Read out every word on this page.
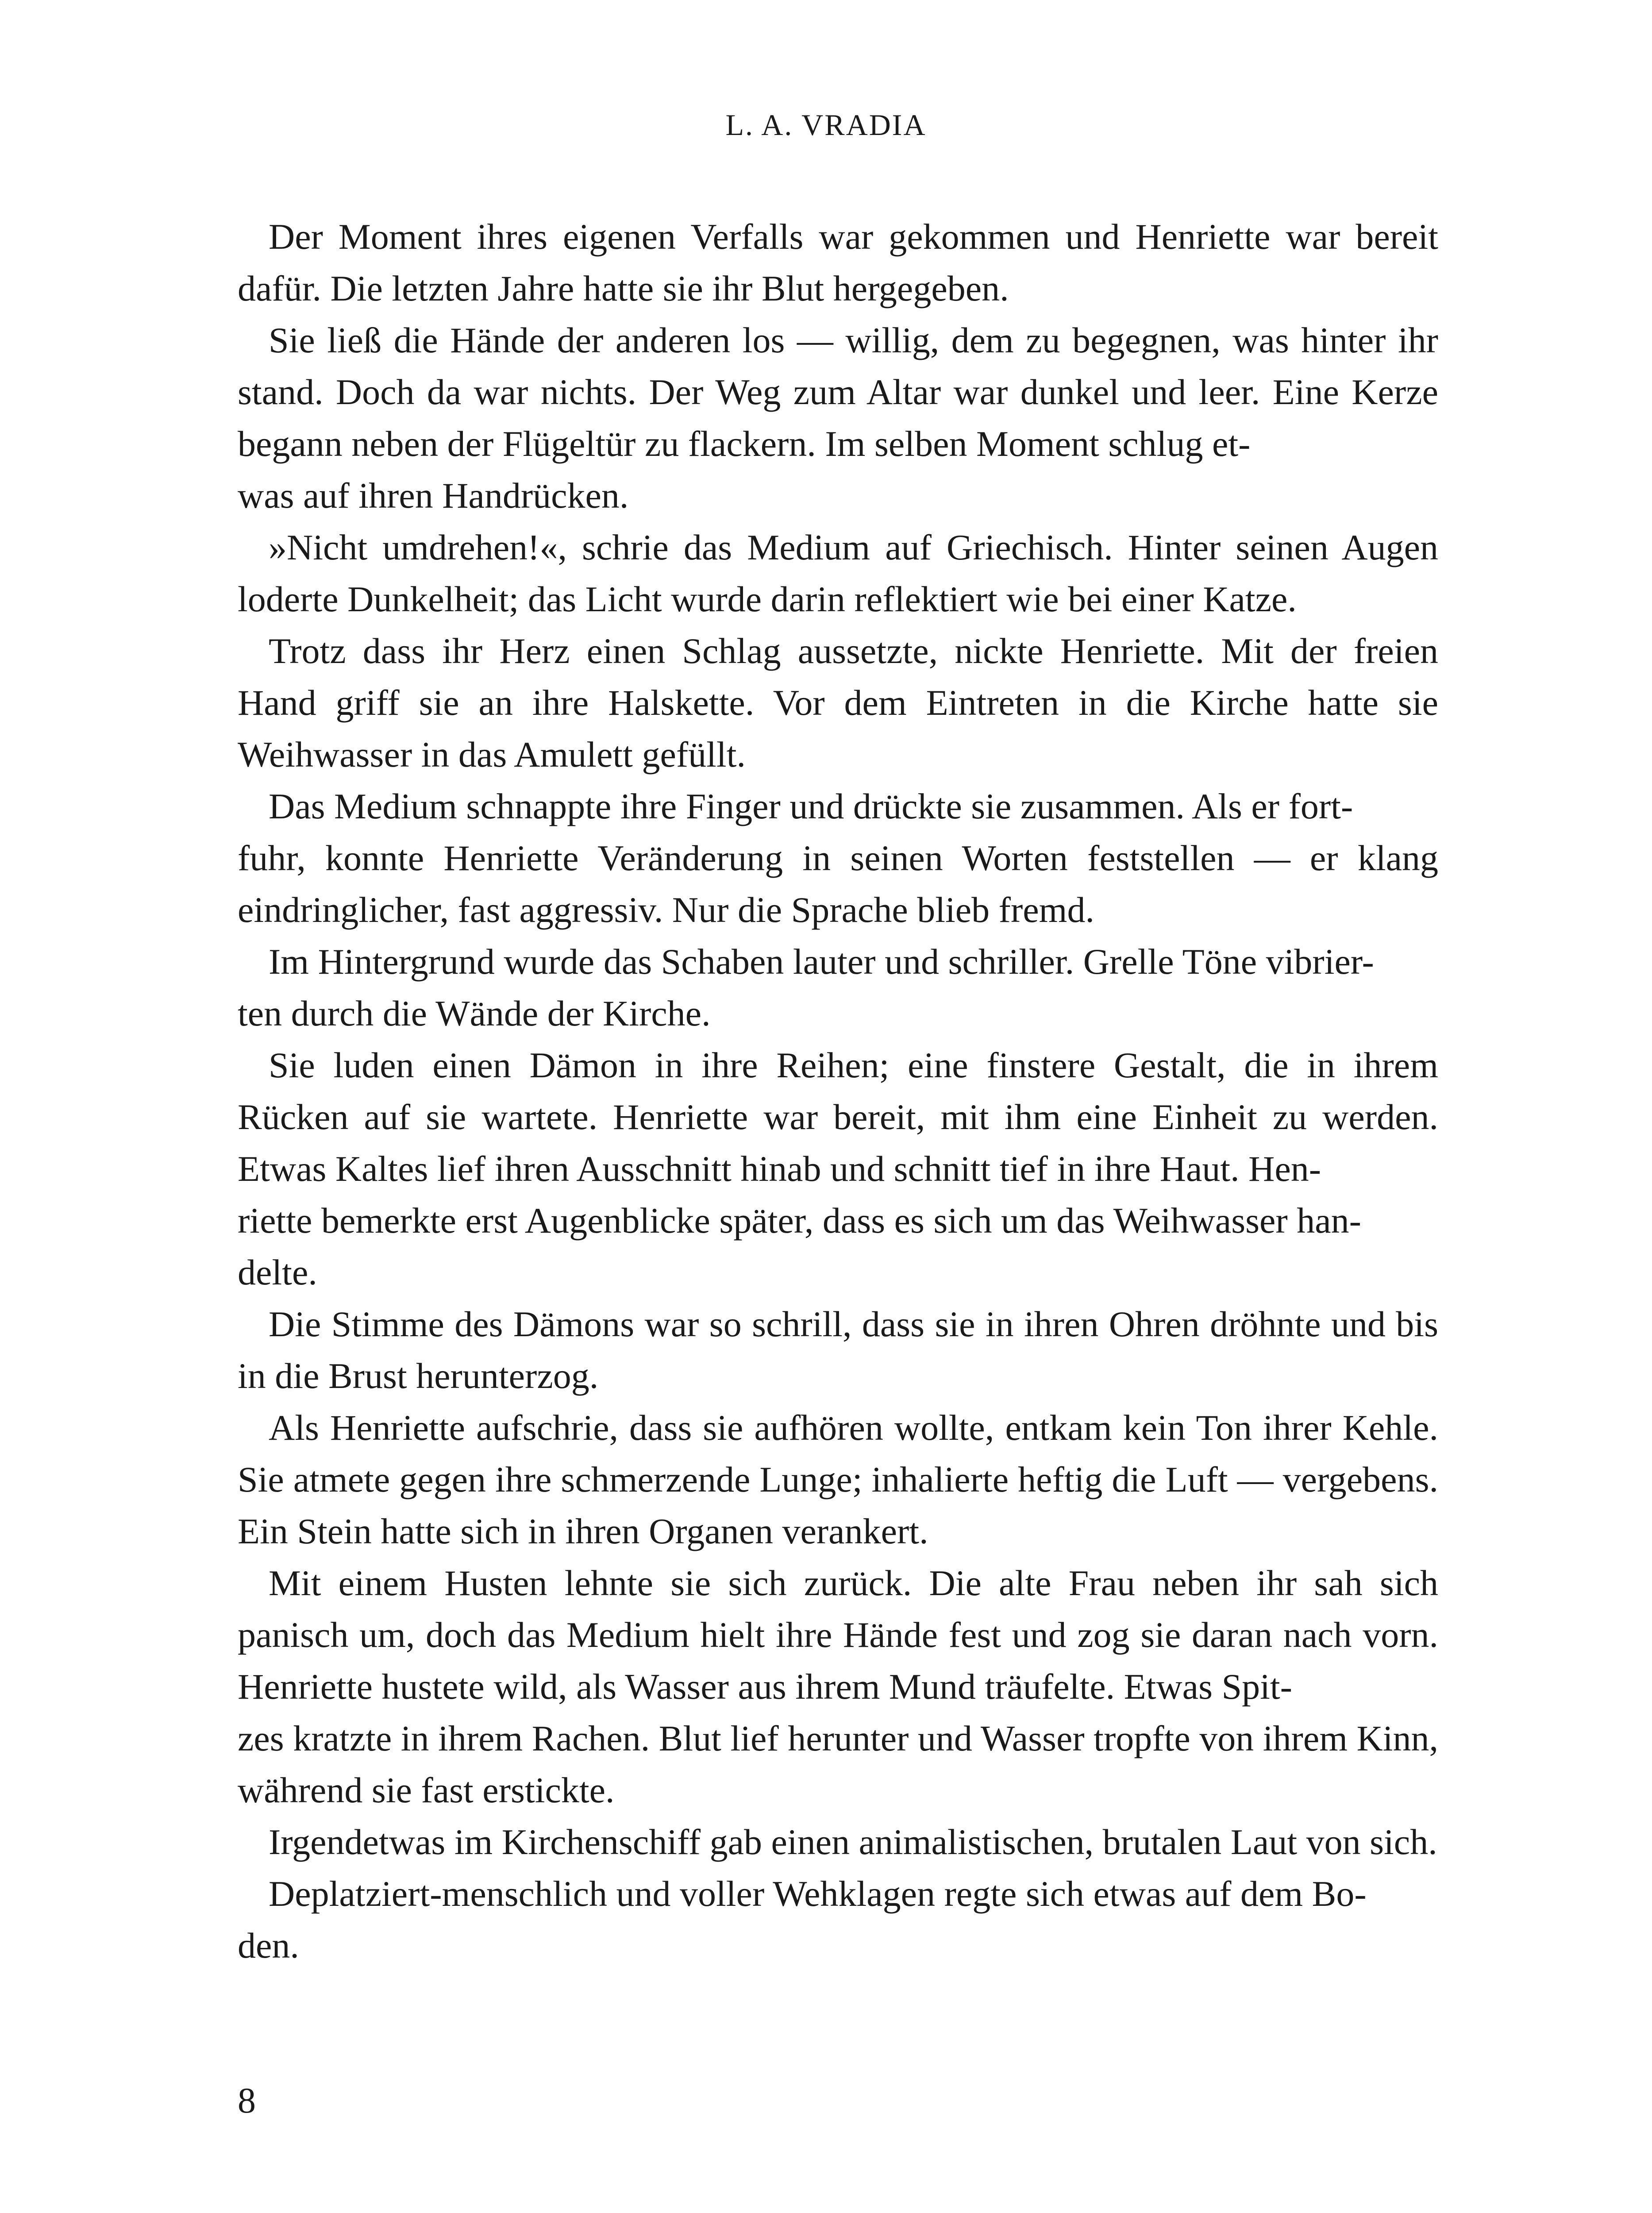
L. A. VRADIA

Der Moment ihres eigenen Verfalls war gekommen und Henriette war bereit dafür. Die letzten Jahre hatte sie ihr Blut hergegeben.

Sie ließ die Hände der anderen los — willig, dem zu begegnen, was hinter ihr stand. Doch da war nichts. Der Weg zum Altar war dunkel und leer. Eine Kerze begann neben der Flügeltür zu flackern. Im selben Moment schlug et-
was auf ihren Handrücken.

»Nicht umdrehen!«, schrie das Medium auf Griechisch. Hinter seinen Augen loderte Dunkelheit; das Licht wurde darin reflektiert wie bei einer Katze.

Trotz dass ihr Herz einen Schlag aussetzte, nickte Henriette. Mit der freien Hand griff sie an ihre Halskette. Vor dem Eintreten in die Kirche hatte sie Weihwasser in das Amulett gefüllt.

Das Medium schnappte ihre Finger und drückte sie zusammen. Als er fort-
fuhr, konnte Henriette Veränderung in seinen Worten feststellen — er klang eindringlicher, fast aggressiv. Nur die Sprache blieb fremd.

Im Hintergrund wurde das Schaben lauter und schriller. Grelle Töne vibrier-
ten durch die Wände der Kirche.

Sie luden einen Dämon in ihre Reihen; eine finstere Gestalt, die in ihrem Rücken auf sie wartete. Henriette war bereit, mit ihm eine Einheit zu werden. Etwas Kaltes lief ihren Ausschnitt hinab und schnitt tief in ihre Haut. Hen-
riette bemerkte erst Augenblicke später, dass es sich um das Weihwasser han-
delte.

Die Stimme des Dämons war so schrill, dass sie in ihren Ohren dröhnte und bis in die Brust herunterzog.

Als Henriette aufschrie, dass sie aufhören wollte, entkam kein Ton ihrer Kehle. Sie atmete gegen ihre schmerzende Lunge; inhalierte heftig die Luft — vergebens. Ein Stein hatte sich in ihren Organen verankert.

Mit einem Husten lehnte sie sich zurück. Die alte Frau neben ihr sah sich panisch um, doch das Medium hielt ihre Hände fest und zog sie daran nach vorn. Henriette hustete wild, als Wasser aus ihrem Mund träufelte. Etwas Spit-
zes kratzte in ihrem Rachen. Blut lief herunter und Wasser tropfte von ihrem Kinn, während sie fast erstickte.

Irgendetwas im Kirchenschiff gab einen animalistischen, brutalen Laut von sich.

Deplatziert-menschlich und voller Wehklagen regte sich etwas auf dem Bo-
den.

8
